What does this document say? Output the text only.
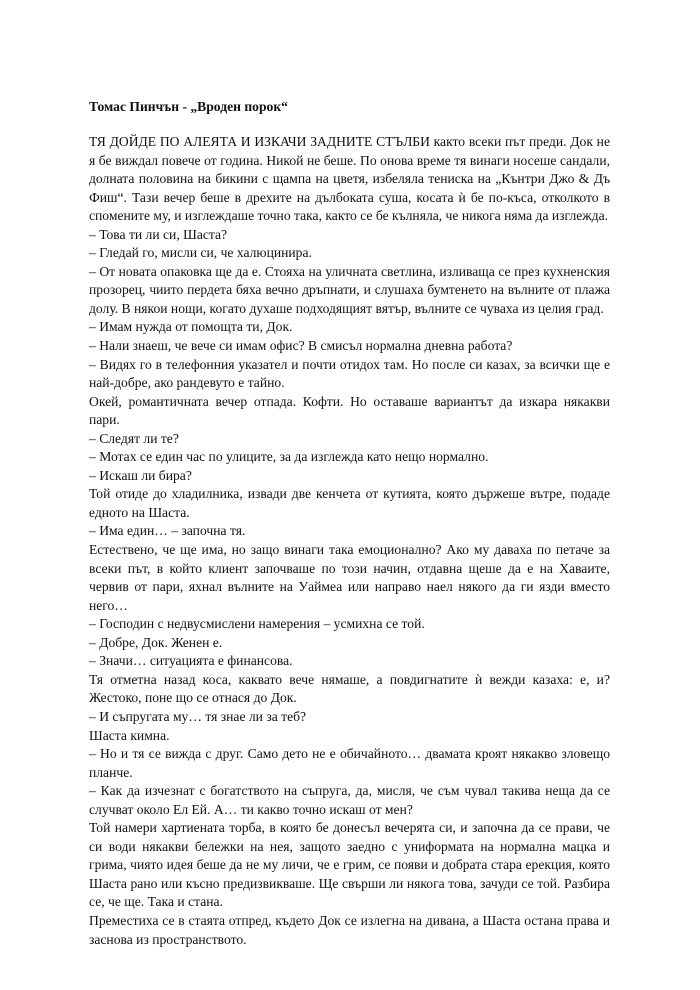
Томас Пинчън - „Вроден порок“

ТЯ ДОЙДЕ ПО АЛЕЯТА И ИЗКАЧИ ЗАДНИТЕ СТЪЛБИ както всеки път преди. Док не я бе виждал повече от година. Никой не беше. По онова време тя винаги носеше сандали, долната половина на бикини с щампа на цветя, избеляла тениска на „Кънтри Джо & Дъ Фиш“. Тази вечер беше в дрехите на дълбоката суша, косата ѝ бе по-къса, отколкото в спомените му, и изглеждаше точно така, както се бе кълняла, че никога няма да изглежда.

– Това ти ли си, Шаста?

– Гледай го, мисли си, че халюцинира.

– От новата опаковка ще да е. Стояха на уличната светлина, изливаща се през кухненския прозорец, чиито пердета бяха вечно дръпнати, и слушаха бумтенето на вълните от плажа долу. В някои нощи, когато духаше подходящият вятър, вълните се чуваха из целия град.

– Имам нужда от помощта ти, Док.

– Нали знаеш, че вече си имам офис? В смисъл нормална дневна работа?

– Видях го в телефонния указател и почти отидох там. Но после си казах, за всички ще е най-добре, ако рандевуто е тайно.

Окей, романтичната вечер отпада. Кофти. Но оставаше вариантът да изкара някакви пари.

– Следят ли те?

– Мотах се един час по улиците, за да изглежда като нещо нормално.

– Искаш ли бира?

Той отиде до хладилника, извади две кенчета от кутията, която държеше вътре, подаде едното на Шаста.

– Има един… – започна тя.

Естествено, че ще има, но защо винаги така емоционално? Ако му даваха по петаче за всеки път, в който клиент започваше по този начин, отдавна щеше да е на Хаваите, червив от пари, яхнал вълните на Уаймеа или направо наел някого да ги язди вместо него…

– Господин с недвусмислени намерения – усмихна се той.

– Добре, Док. Женен е.

– Значи… ситуацията е финансова.

Тя отметна назад коса, каквато вече нямаше, а повдигнатите ѝ вежди казаха: е, и? Жестоко, поне що се отнася до Док.

– И съпругата му… тя знае ли за теб?

Шаста кимна.

– Но и тя се вижда с друг. Само дето не е обичайното… двамата кроят някакво зловещо планче.

– Как да изчезнат с богатството на съпруга, да, мисля, че съм чувал такива неща да се случват около Ел Ей. А… ти какво точно искаш от мен?

Той намери хартиената торба, в която бе донесъл вечерята си, и започна да се прави, че си води някакви бележки на нея, защото заедно с униформата на нормална мацка и грима, чиято идея беше да не му личи, че е грим, се появи и добрата стара ерекция, която Шаста рано или късно предизвикваше. Ще свърши ли някога това, зачуди се той. Разбира се, че ще. Така и стана.

Преместиха се в стаята отпред, където Док се излегна на дивана, а Шаста остана права и заснова из пространството.
